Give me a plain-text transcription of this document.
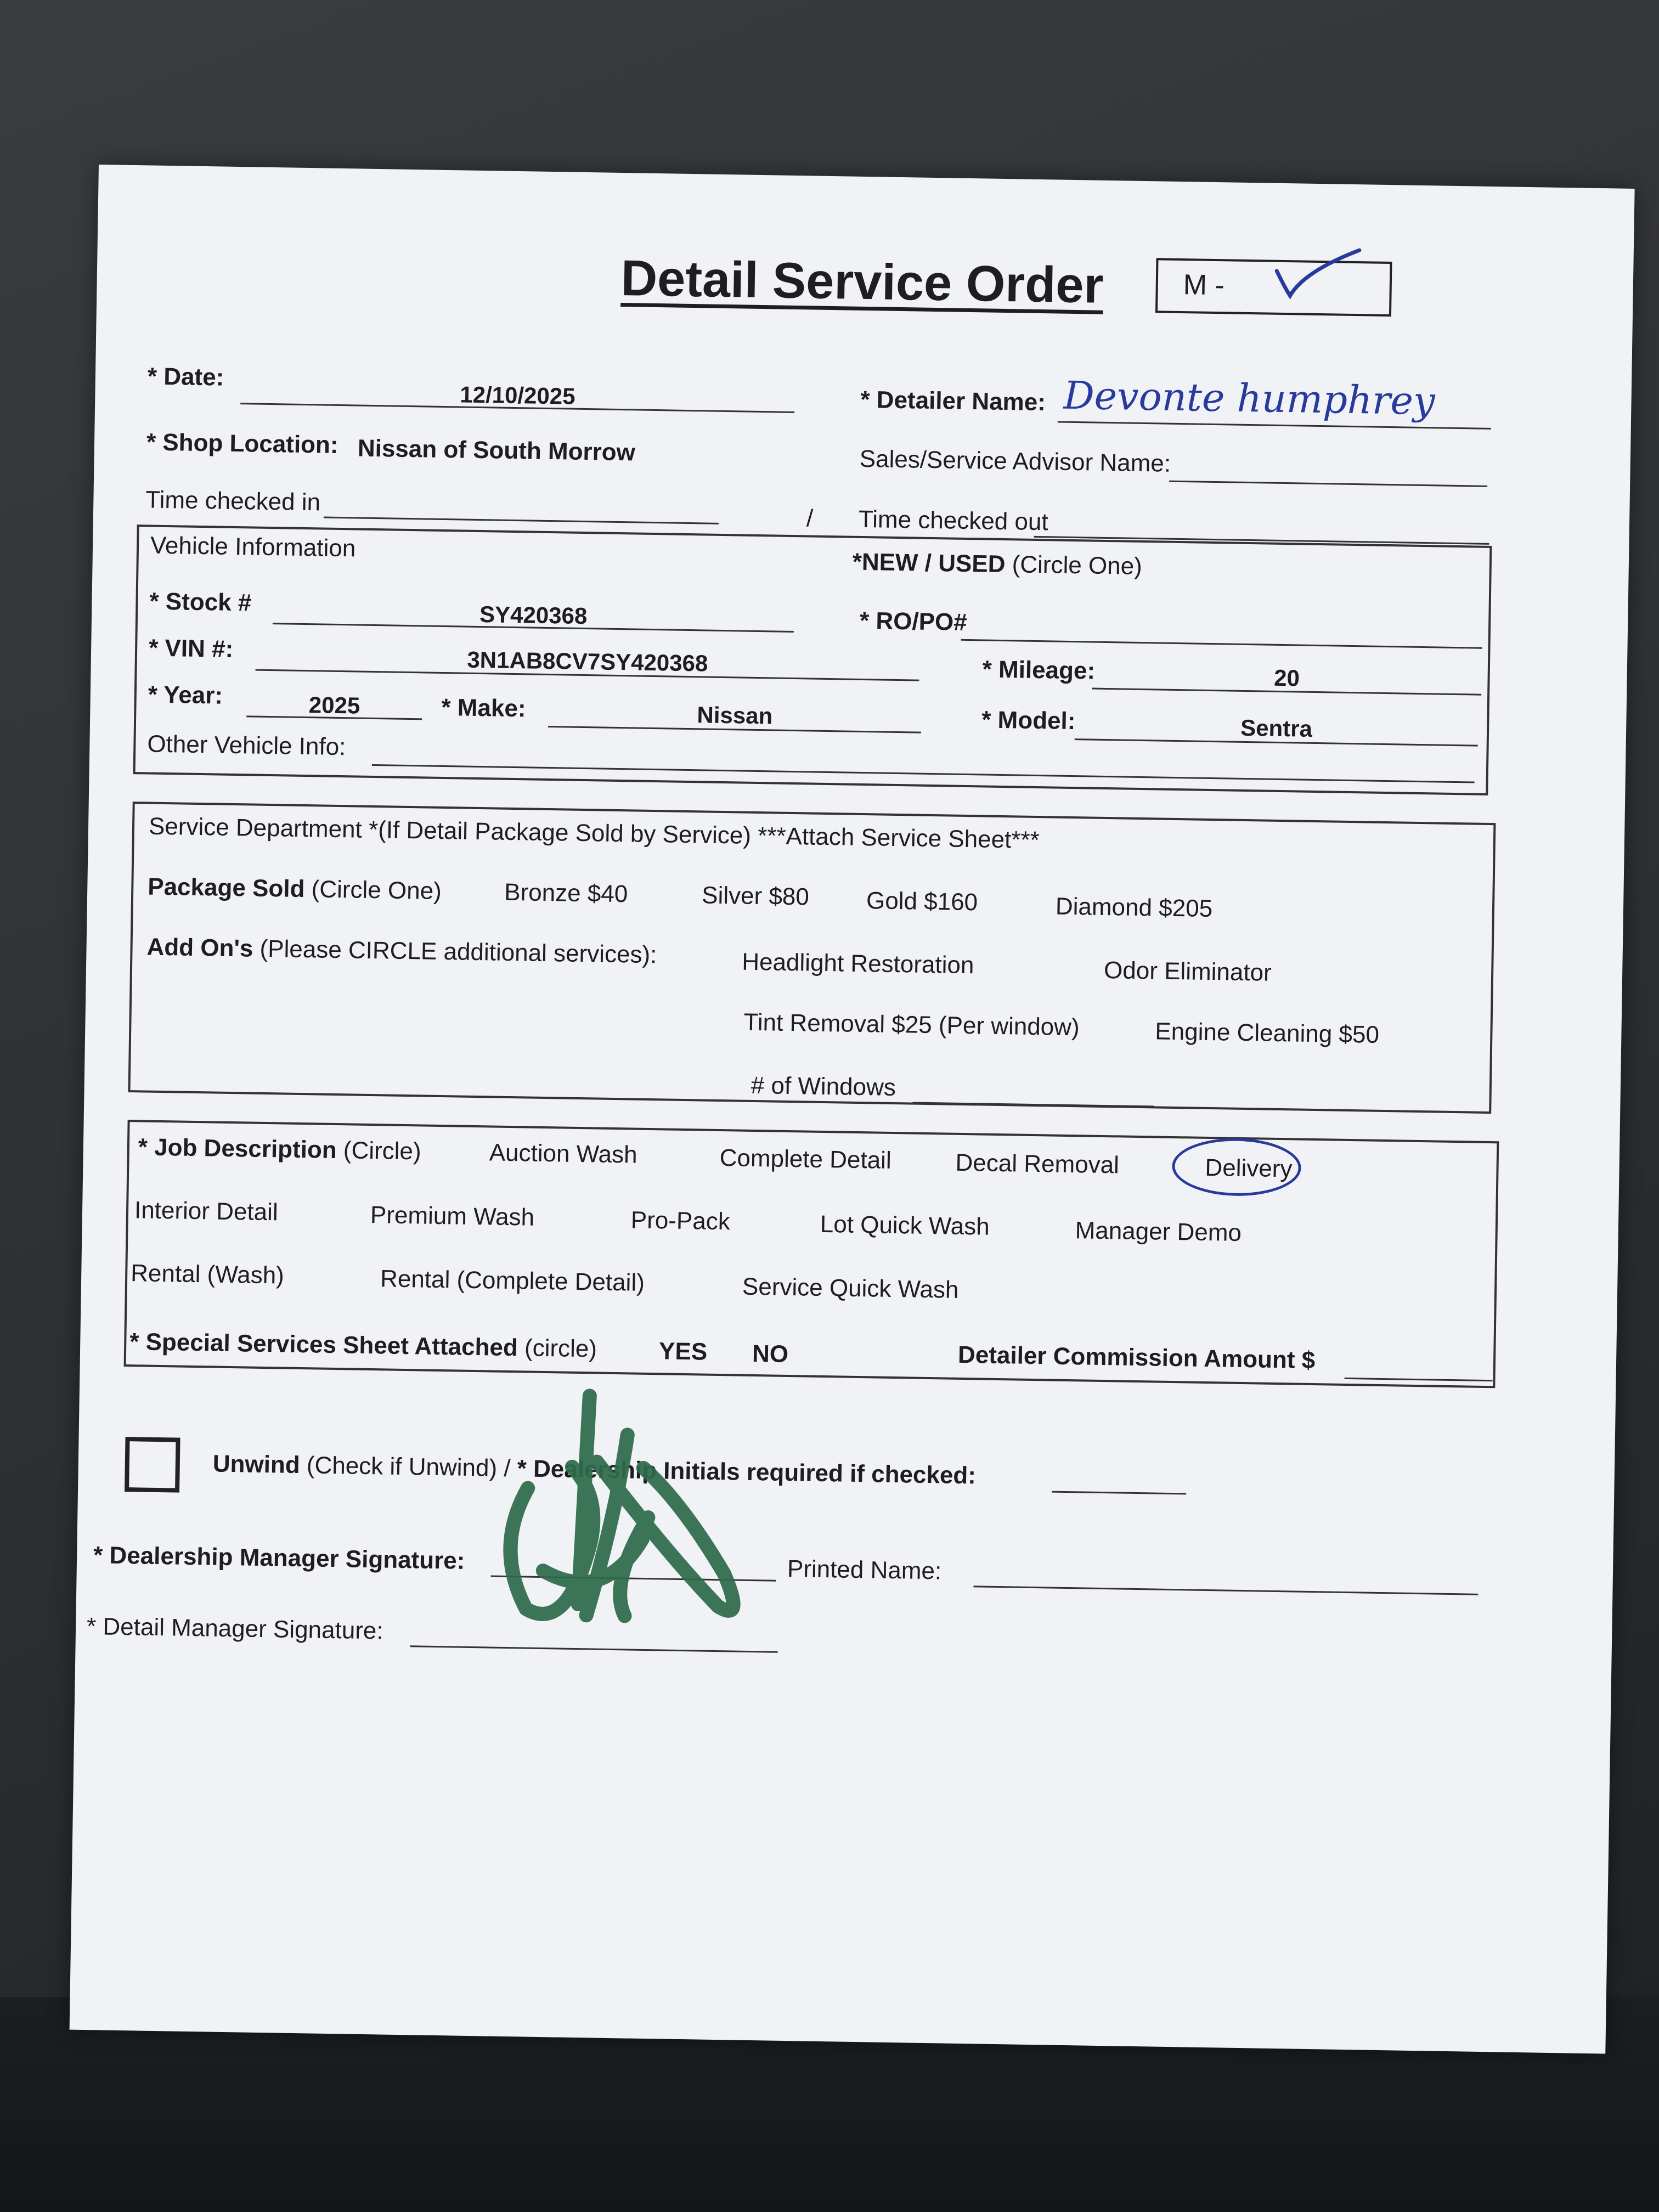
Detail Service Order	M -
* Date:
12/10/2025	* Detailer Name: Devonte humphrey
* Shop Location: Nissan of South Morrow	Sales/Service Advisor Name:
Time checked in
/ Time checked out
Vehicle Information
*NEW / USED (Circle One)
* Stock #	SY420368	* RO/PO#
* VIN #:	3N1AB8CV7SY420368	* Mileage:	20
* Year:	2025	* Make:	Nissan	* Model:	Sentra
Other Vehicle Info:
Service Department *(If Detail Package Sold by Service) ***Attach Service Sheet***
Package Sold (Circle One)	Bronze $40	Silver $80 Gold $160	Diamond $205
Add On's (Please CIRCLE additional services):	Headlight Restoration	Odor Eliminator
Tint Removal $25 (Per window)	Engine Cleaning $50
# of Windows
* Job Description (Circle)	Auction Wash	Complete Detail	Decal Removal	Delivery
Interior Detail	Premium Wash	Pro-Pack	Lot Quick Wash	Manager Demo
Rental (Wash)	Rental (Complete Detail)	Service Quick Wash
* Special Services Sheet Attached (circle)	YES NO	Detailer Commission Amount $
Unwind (Check if Unwind) / * Dealership Initials required if checked:
* Dealership Manager Signature:	Printed Name:
* Detail Manager Signature:
